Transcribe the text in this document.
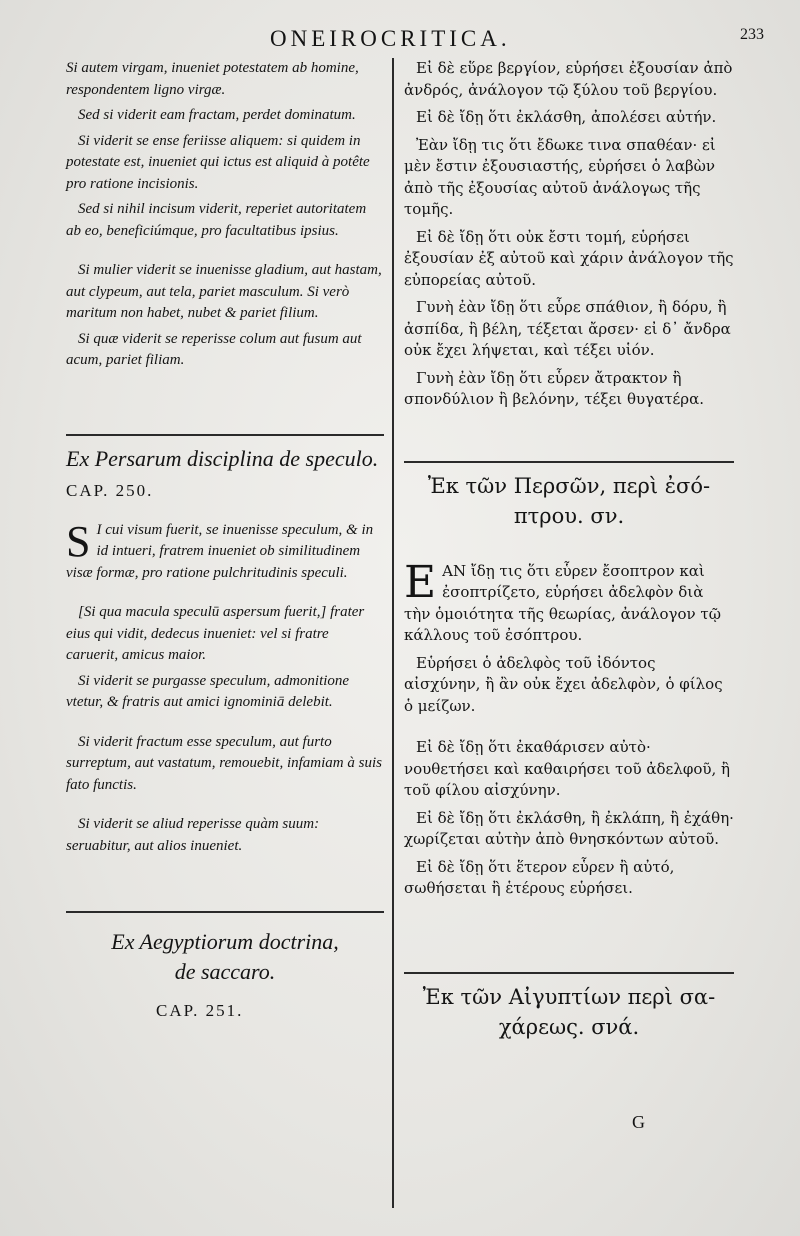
ONEIROCRITICA.	233

Si autem virgam, inueniet potestatem ab homine, respondentem ligno virgæ.

Sed si viderit eam fractam, perdet dominatum.

Si viderit se ense feriisse aliquem: si quidem in potestate est, inueniet qui ictus est aliquid à potête pro ratione incisionis.

Sed si nihil incisum viderit, reperiet autoritatem ab eo, beneficiúmque, pro facultatibus ipsius.

Si mulier viderit se inuenisse gladium, aut hastam, aut clypeum, aut tela, pariet masculum. Si verò maritum non habet, nubet & pariet filium.

Si quæ viderit se reperisse colum aut fusum aut acum, pariet filiam.

Ex Persarum disciplina de speculo. CAP. 250.

S I cui visum fuerit, se inuenisse speculum, & in id intueri, fratrem inueniet ob similitudinem visæ formæ, pro ratione pulchritudinis speculi.

[Si qua macula speculū aspersum fuerit,] frater eius qui vidit, dedecus inueniet: vel si fratre caruerit, amicus maior.

Si viderit se purgasse speculum, admonitione vtetur, & fratris aut amici ignominiā delebit.

Si viderit fractum esse speculum, aut furto surreptum, aut vastatum, remouebit, infamiam à suis fato functis.

Si viderit se aliud reperisse quàm suum: seruabitur, aut alios inueniet.

Ex Aegyptiorum doctrina,
de saccaro.
CAP. 251.

Εἰ δὲ εὕρε βεργίον, εὑρήσει ἐξουσίαν ἀπὸ ἀνδρός, ἀνάλογον τῷ ξύλου τοῦ βεργίου.

Εἰ δὲ ἴδῃ ὅτι ἐκλάσθη, ἀπολέσει αὐτήν.

Ἐὰν ἴδῃ τις ὅτι ἔδωκε τινα σπαθέαν· εἰ μὲν ἔστιν ἐξουσιαστής, εὑρήσει ὁ λαβὼν ἀπὸ τῆς ἐξουσίας αὐτοῦ ἀνάλογως τῆς τομῆς.

Εἰ δὲ ἴδῃ ὅτι οὐκ ἔστι τομή, εὑρήσει ἐξουσίαν ἐξ αὐτοῦ καὶ χάριν ἀνάλογον τῆς εὐπορείας αὐτοῦ.

Γυνὴ ἐὰν ἴδῃ ὅτι εὗρε σπάθιον, ἢ δόρυ, ἢ ἀσπίδα, ἢ βέλη, τέξεται ἄρσεν· εἰ δ᾽ ἄνδρα οὐκ ἔχει λήψεται, καὶ τέξει υἱόν.

Γυνὴ ἐὰν ἴδῃ ὅτι εὗρεν ἄτρακτον ἢ σπονδύλιον ἢ βελόνην, τέξει θυγατέρα.

Ἐκ τῶν Περσῶν, περὶ ἐσό-
πτρου. σν.

Ε ΑΝ ἴδῃ τις ὅτι εὗρεν ἔσοπτρον καὶ ἐσοπτρίζετο, εὑρήσει ἀδελφὸν διὰ τὴν ὁμοιότητα τῆς θεωρίας, ἀνάλογον τῷ κάλλους τοῦ ἐσόπτρου.

Εὑρήσει ὁ ἀδελφὸς τοῦ ἰδόντος αἰσχύνην, ἢ ἂν οὐκ ἔχει ἀδελφὸν, ὁ φίλος ὁ μείζων.

Εἰ δὲ ἴδῃ ὅτι ἐκαθάρισεν αὐτὸ· νουθετήσει καὶ καθαιρήσει τοῦ ἀδελφοῦ, ἢ τοῦ φίλου αἰσχύνην.

Εἰ δὲ ἴδῃ ὅτι ἐκλάσθη, ἢ ἐκλάπη, ἢ ἐχάθη· χωρίζεται αὐτὴν ἀπὸ θνησκόντων αὐτοῦ.

Εἰ δὲ ἴδῃ ὅτι ἕτερον εὗρεν ἢ αὐτό, σωθήσεται ἢ ἑτέρους εὑρήσει.

Ἐκ τῶν Αἰγυπτίων περὶ σα-
χάρεως. σνά.
G
